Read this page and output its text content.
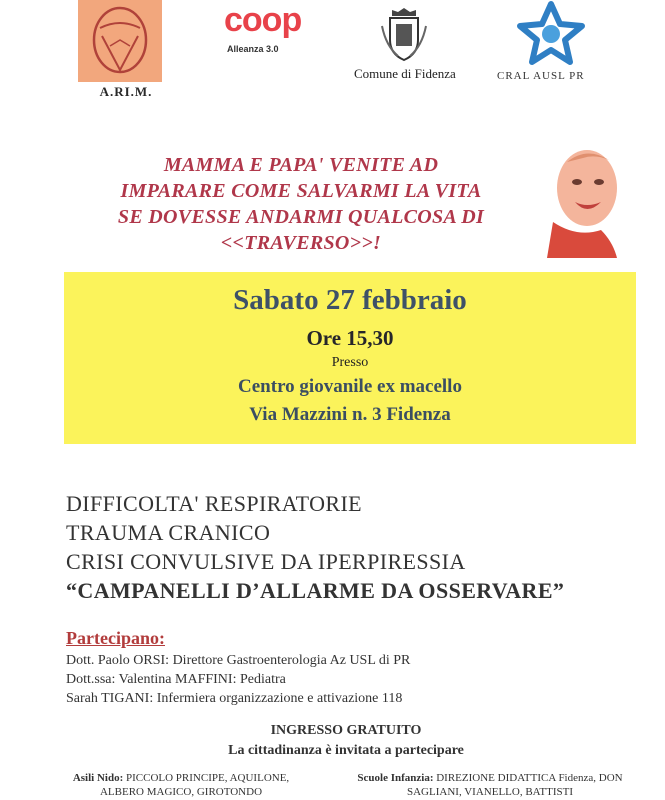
A.RI.M.
coop
Alleanza 3.0
Comune di Fidenza	CRAL AUSL PR
MAMMA E PAPA' VENITE AD
IMPARARE COME SALVARMI LA VITA
SE DOVESSE ANDARMI QUALCOSA DI
<<TRAVERSO>>!
Sabato 27 febbraio
Ore 15,30
Presso
Centro giovanile ex macello
Via Mazzini n. 3 Fidenza
DIFFICOLTA' RESPIRATORIE
TRAUMA CRANICO
CRISI CONVULSIVE DA IPERPIRESSIA
“CAMPANELLI D’ALLARME DA OSSERVARE”
Partecipano:
Dott. Paolo ORSI: Direttore Gastroenterologia Az USL di PR
Dott.ssa: Valentina MAFFINI: Pediatra
Sarah TIGANI: Infermiera organizzazione e attivazione 118
INGRESSO GRATUITO
La cittadinanza è invitata a partecipare
Asili Nido: PICCOLO PRINCIPE, AQUILONE,
ALBERO MAGICO, GIROTONDO
Scuole Infanzia: DIREZIONE DIDATTICA Fidenza, DON
SAGLIANI, VIANELLO, BATTISTI
